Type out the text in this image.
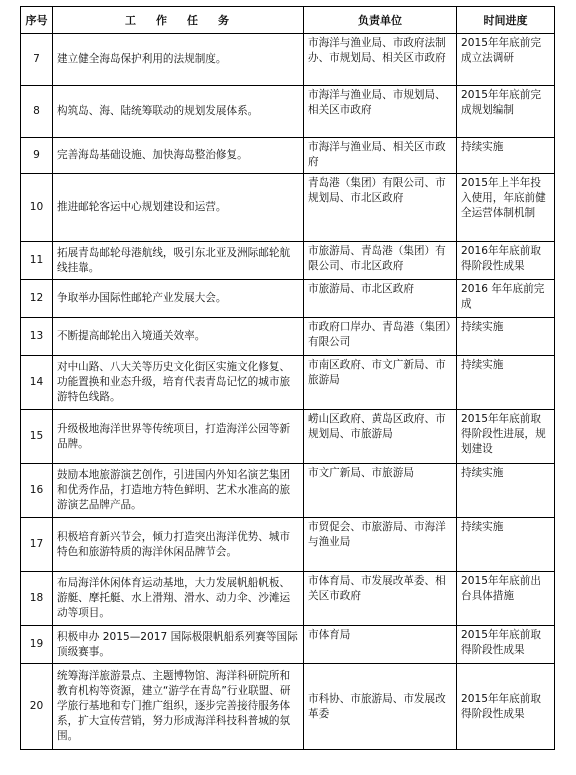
序号	工作任务	负责单位	时间进度
7	建立健全海岛保护利用的法规制度。	市海洋与渔业局、市政府法制办、市规划局、相关区市政府	2015年年底前完成立法调研
8	构筑岛、海、陆统筹联动的规划发展体系。	市海洋与渔业局、市规划局、相关区市政府	2015年年底前完成规划编制
9	完善海岛基础设施、加快海岛整治修复。	市海洋与渔业局、相关区市政府	持续实施
10	推进邮轮客运中心规划建设和运营。	青岛港（集团）有限公司、市规划局、市北区政府	2015年上半年投入使用，年底前健全运营体制机制
11	拓展青岛邮轮母港航线，吸引东北亚及洲际邮轮航线挂靠。	市旅游局、青岛港（集团）有限公司、市北区政府	2016年年底前取得阶段性成果
12	争取举办国际性邮轮产业发展大会。	市旅游局、市北区政府	2016 年年底前完成
13	不断提高邮轮出入境通关效率。	市政府口岸办、青岛港（集团）有限公司	持续实施
14	对中山路、八大关等历史文化街区实施文化修复、功能置换和业态升级，培育代表青岛记忆的城市旅游特色线路。	市南区政府、市文广新局、市旅游局	持续实施
15	升级极地海洋世界等传统项目，打造海洋公园等新品牌。	崂山区政府、黄岛区政府、市规划局、市旅游局	2015年年底前取得阶段性进展，规划建设
16	鼓励本地旅游演艺创作，引进国内外知名演艺集团和优秀作品，打造地方特色鲜明、艺术水准高的旅游演艺品牌产品。	市文广新局、市旅游局	持续实施
17	积极培育新兴节会，倾力打造突出海洋优势、城市特色和旅游特质的海洋休闲品牌节会。	市贸促会、市旅游局、市海洋与渔业局	持续实施
18	布局海洋休闲体育运动基地，大力发展帆船帆板、游艇、摩托艇、水上滑翔、滑水、动力伞、沙滩运动等项目。	市体育局、市发展改革委、相关区市政府	2015年年底前出台具体措施
19	积极申办 2015—2017 国际极限帆船系列赛等国际顶级赛事。	市体育局	2015年年底前取得阶段性成果
20	统筹海洋旅游景点、主题博物馆、海洋科研院所和教育机构等资源，建立“游学在青岛”行业联盟、研学旅行基地和专门推广组织，逐步完善接待服务体系，扩大宣传营销，努力形成海洋科技科普城的氛围。	市科协、市旅游局、市发展改革委	2015年年底前取得阶段性成果
